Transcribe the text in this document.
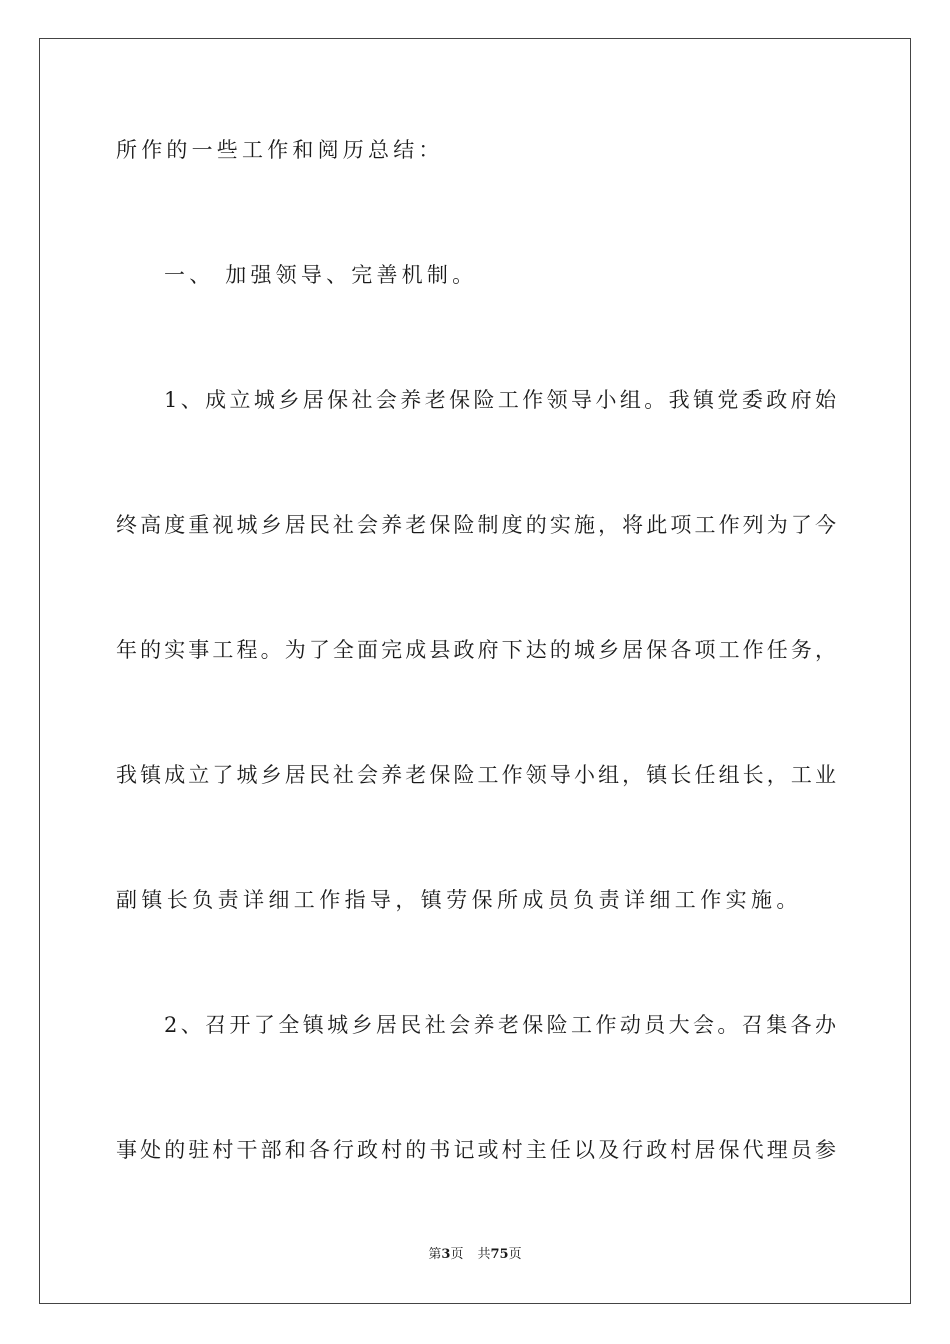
所作的一些工作和阅历总结：
一、 加强领导、完善机制。
1、成立城乡居保社会养老保险工作领导小组。我镇党委政府始
终高度重视城乡居民社会养老保险制度的实施，将此项工作列为了今
年的实事工程。为了全面完成县政府下达的城乡居保各项工作任务，
我镇成立了城乡居民社会养老保险工作领导小组，镇长任组长，工业
副镇长负责详细工作指导，镇劳保所成员负责详细工作实施。
2、召开了全镇城乡居民社会养老保险工作动员大会。召集各办
事处的驻村干部和各行政村的书记或村主任以及行政村居保代理员参
第3页 共75页
